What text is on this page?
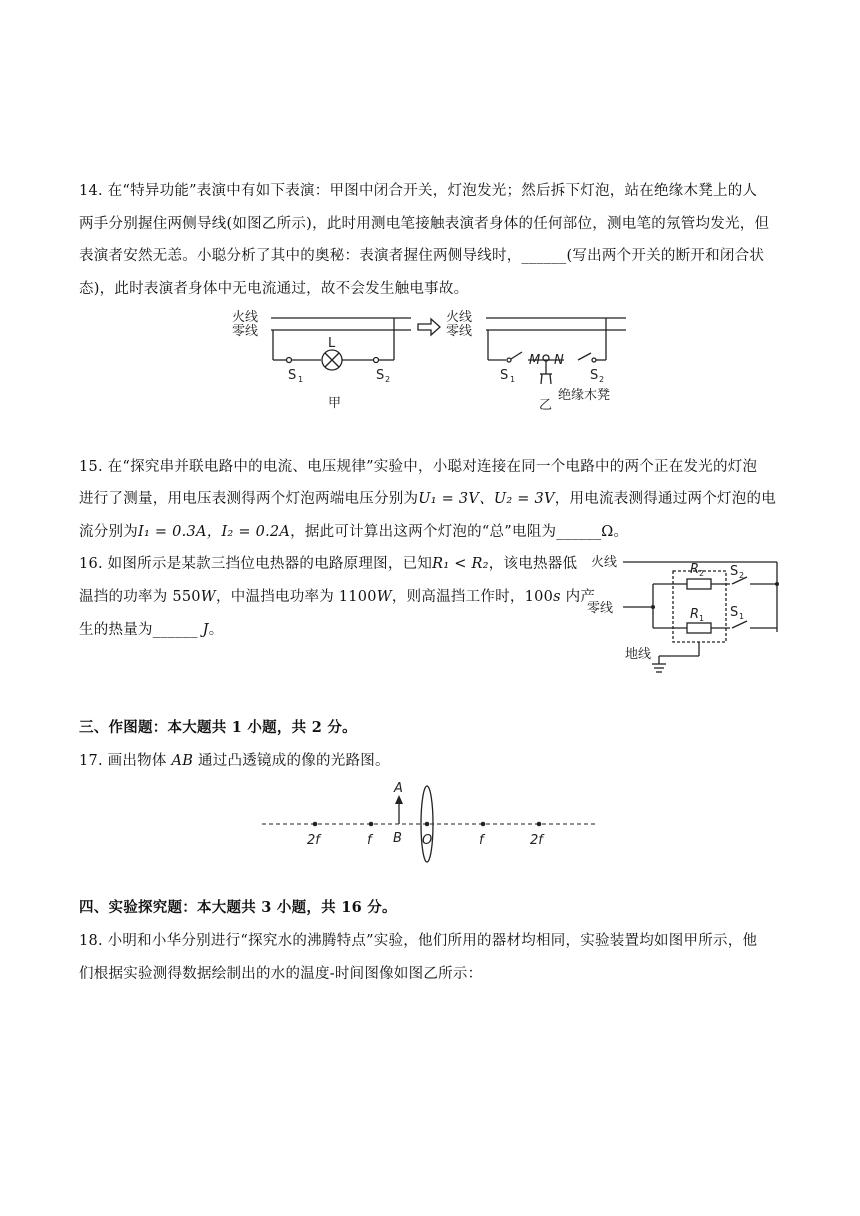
14. 在“特异功能”表演中有如下表演：甲图中闭合开关，灯泡发光；然后拆下灯泡，站在绝缘木凳上的人
两手分别握住两侧导线(如图乙所示)，此时用测电笔接触表演者身体的任何部位，测电笔的氖管均发光，但
表演者安然无恙。小聪分析了其中的奥秘：表演者握住两侧导线时，______(写出两个开关的断开和闭合状
态)，此时表演者身体中无电流通过，故不会发生触电事故。
火线
零线
L
S 1	S 2
甲
火线
零线
M N
S 1	S 2
绝缘木凳
乙
15. 在“探究串并联电路中的电流、电压规律”实验中，小聪对连接在同一个电路中的两个正在发光的灯泡
进行了测量，用电压表测得两个灯泡两端电压分别为U₁ = 3V、U₂ = 3V，用电流表测得通过两个灯泡的电
流分别为I₁ = 0.3A，I₂ = 0.2A，据此可计算出这两个灯泡的“总”电阻为______Ω。
16. 如图所示是某款三挡位电热器的电路原理图，已知R₁ < R₂，该电热器低
温挡的功率为 550W，中温挡电功率为 1100W，则高温挡工作时，100s 内产
生的热量为______ J。
火线
零线
地线
R 2
R 1
S 2
S 1
三、作图题：本大题共 1 小题，共 2 分。
17. 画出物体 AB 通过凸透镜成的像的光路图。
A
B O
2f	f	f	2f
四、实验探究题：本大题共 3 小题，共 16 分。
18. 小明和小华分别进行“探究水的沸腾特点”实验，他们所用的器材均相同，实验装置均如图甲所示，他
们根据实验测得数据绘制出的水的温度-时间图像如图乙所示：
